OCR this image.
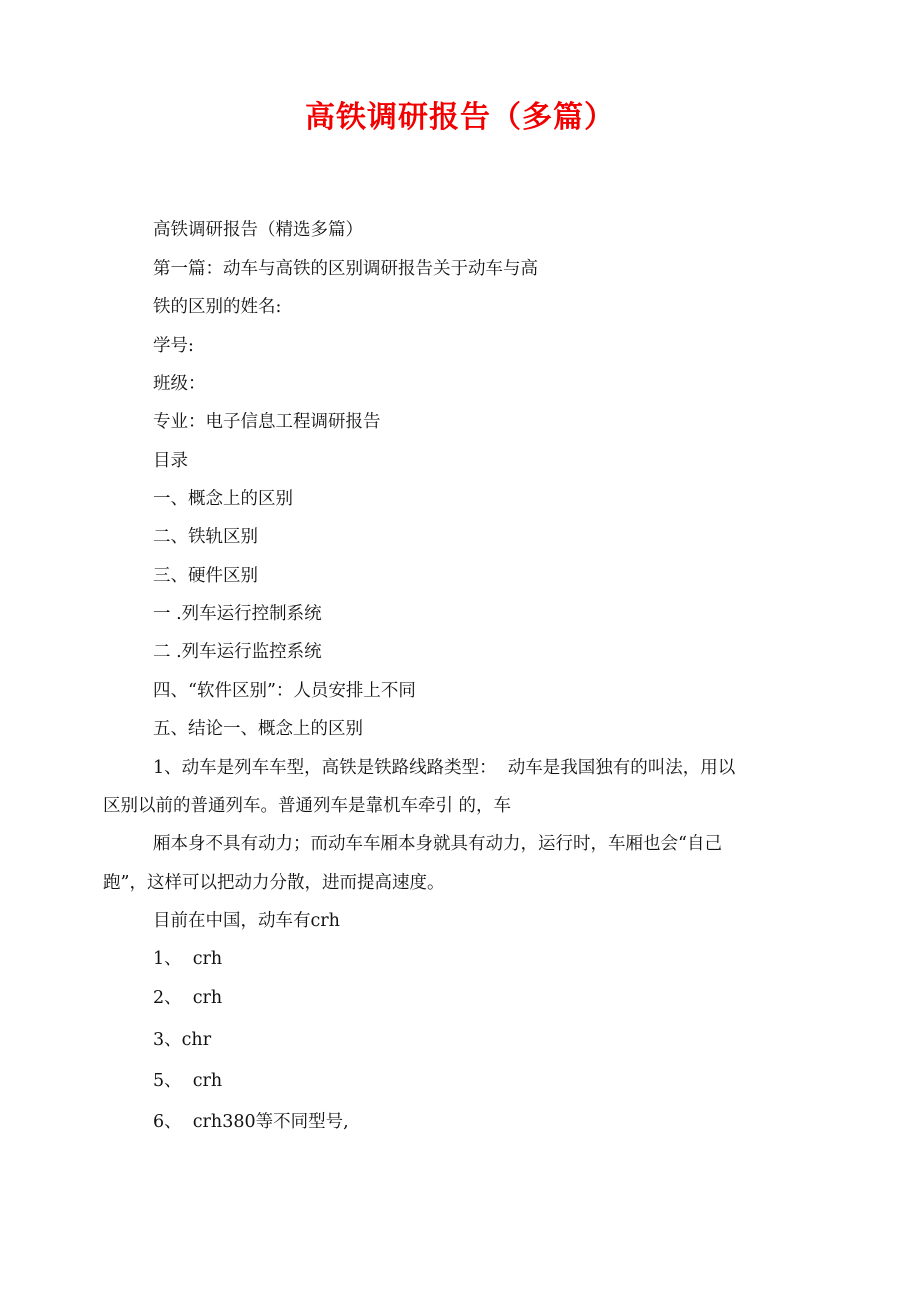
高铁调研报告（多篇）
高铁调研报告（精选多篇）
第一篇：动车与高铁的区别调研报告关于动车与高
铁的区别的姓名:
学号:
班级：
专业：电子信息工程调研报告
目录
一、概念上的区别
二、铁轨区别
三、硬件区别
一 .列车运行控制系统
二 .列车运行监控系统
四、“软件区别”：人员安排上不同
五、结论一、概念上的区别
1、动车是列车车型，高铁是铁路线路类型：  动车是我国独有的叫法，用以
区别以前的普通列车。普通列车是靠机车牵引 的，车
厢本身不具有动力；而动车车厢本身就具有动力，运行时，车厢也会“自己
跑”，这样可以把动力分散，进而提高速度。
目前在中国，动车有crh
1、  crh
2、  crh
3、chr
5、  crh
6、  crh380等不同型号,
